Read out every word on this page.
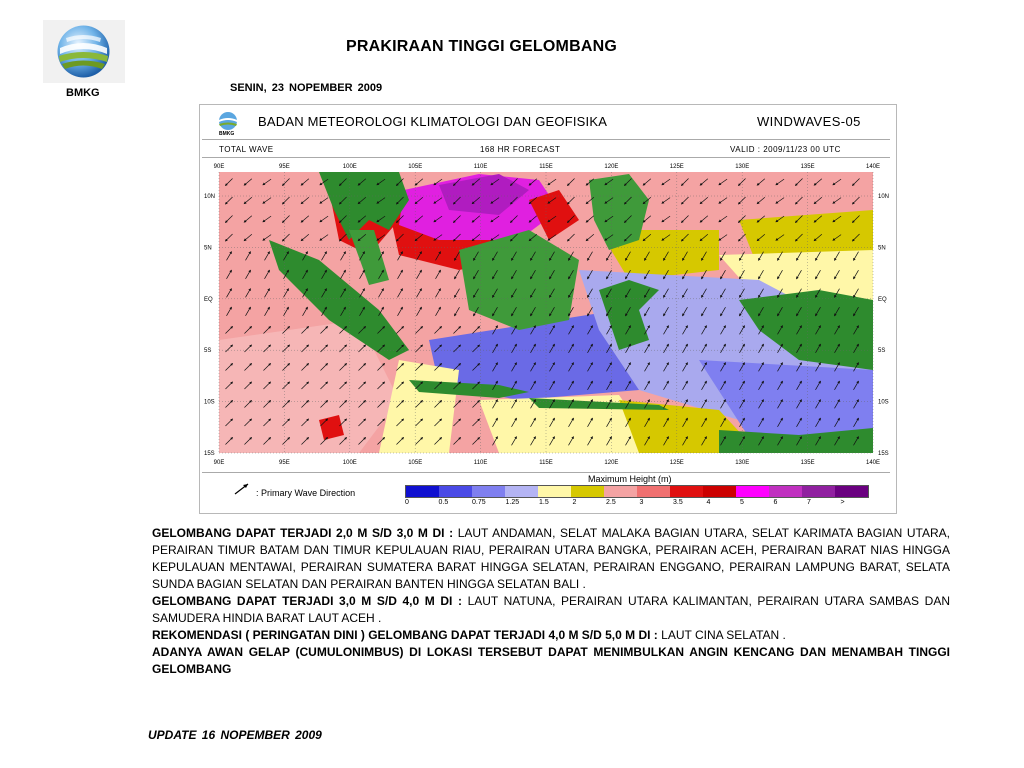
BMKG
PRAKIRAAN TINGGI GELOMBANG
SENIN, 23 NOPEMBER 2009
BMKG
BADAN METEOROLOGI KLIMATOLOGI DAN GEOFISIKA	WINDWAVES-05
TOTAL WAVE	168 HR FORECAST	VALID : 2009/11/23 00 UTC
90E	95E	100E	105E	110E	115E	120E	125E	130E	135E	140E
90E	95E	100E	105E	110E	115E	120E	125E	130E	135E	140E
10N
5N
EQ
5S
10S
15S
10N
5N
EQ
5S
10S
15S
: Primary Wave Direction
Maximum Height (m)
0	0.5	0.75	1.25	1.5	2	2.5	3	3.5	4	5	6	7	>

GELOMBANG DAPAT TERJADI 2,0 M S/D 3,0 M DI : LAUT ANDAMAN, SELAT MALAKA BAGIAN UTARA, SELAT KARIMATA BAGIAN UTARA, PERAIRAN TIMUR BATAM DAN TIMUR KEPULAUAN RIAU, PERAIRAN UTARA BANGKA, PERAIRAN ACEH, PERAIRAN BARAT NIAS HINGGA KEPULAUAN MENTAWAI, PERAIRAN SUMATERA BARAT HINGGA SELATAN, PERAIRAN ENGGANO, PERAIRAN LAMPUNG BARAT, SELATA SUNDA BAGIAN SELATAN DAN PERAIRAN BANTEN HINGGA SELATAN BALI .

GELOMBANG DAPAT TERJADI 3,0 M S/D 4,0 M DI : LAUT NATUNA, PERAIRAN UTARA KALIMANTAN, PERAIRAN UTARA SAMBAS DAN SAMUDERA HINDIA BARAT LAUT ACEH .

REKOMENDASI ( PERINGATAN DINI ) GELOMBANG DAPAT TERJADI 4,0 M S/D 5,0 M DI : LAUT CINA SELATAN .

ADANYA AWAN GELAP (CUMULONIMBUS) DI LOKASI TERSEBUT DAPAT MENIMBULKAN ANGIN KENCANG DAN MENAMBAH TINGGI GELOMBANG

UPDATE 16 NOPEMBER 2009
